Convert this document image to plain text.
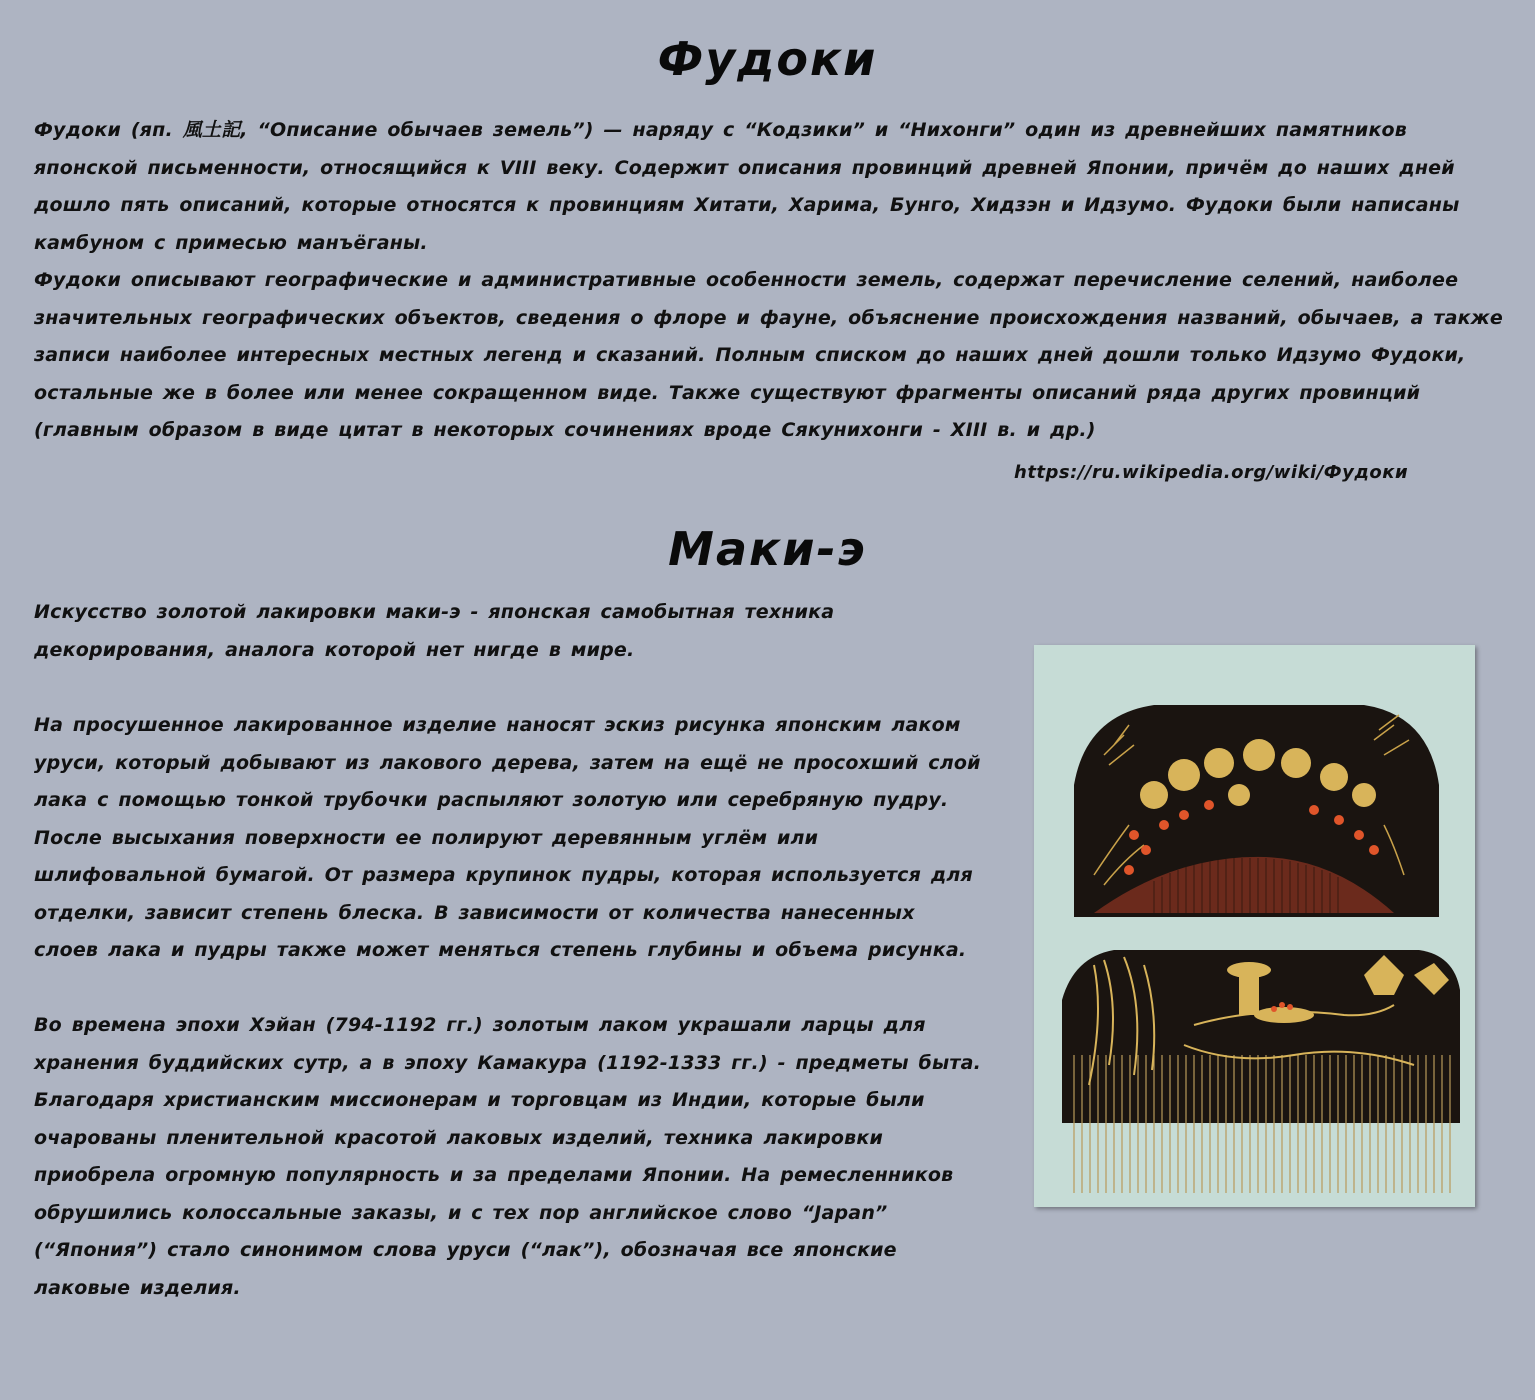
Фудоки

Фудоки (яп. 風土記, “Описание обычаев земель”) — наряду с “Кодзики” и “Нихонги” один из древнейших памятников японской письменности, относящийся к VIII веку. Содержит описания провинций древней Японии, причём до наших дней дошло пять описаний, которые относятся к провинциям Хитати, Харима, Бунго, Хидзэн и Идзумо. Фудоки были написаны камбуном с примесью манъёганы.

Фудоки описывают географические и административные особенности земель, содержат перечисление селений, наиболее значительных географических объектов, сведения о флоре и фауне, объяснение происхождения названий, обычаев, а также записи наиболее интересных местных легенд и сказаний. Полным списком до наших дней дошли только Идзумо Фудоки, остальные же в более или менее сокращенном виде. Также существуют фрагменты описаний ряда других провинций (главным образом в виде цитат в некоторых сочинениях вроде Сякунихонги - XIII в. и др.)

https://ru.wikipedia.org/wiki/Фудоки
Маки-э

Искусство золотой лакировки маки-э - японская самобытная техника декорирования, аналога которой нет нигде в мире.

На просушенное лакированное изделие наносят эскиз рисунка японским лаком уруси, который добывают из лакового дерева, затем на ещё не просохший слой лака с помощью тонкой трубочки распыляют золотую или серебряную пудру. После высыхания поверхности ее полируют деревянным углём или шлифовальной бумагой. От размера крупинок пудры, которая используется для отделки, зависит степень блеска. В зависимости от количества нанесенных слоев лака и пудры также может меняться степень глубины и объема рисунка.

Во времена эпохи Хэйан (794-1192 гг.) золотым лаком украшали ларцы для хранения буддийских сутр, а в эпоху Камакура (1192-1333 гг.) - предметы быта. Благодаря христианским миссионерам и торговцам из Индии, которые были очарованы пленительной красотой лаковых изделий, техника лакировки приобрела огромную популярность и за пределами Японии. На ремесленников обрушились колоссальные заказы, и с тех пор английское слово “Japan” (“Япония”) стало синонимом слова уруси (“лак”), обозначая все японские лаковые изделия.
